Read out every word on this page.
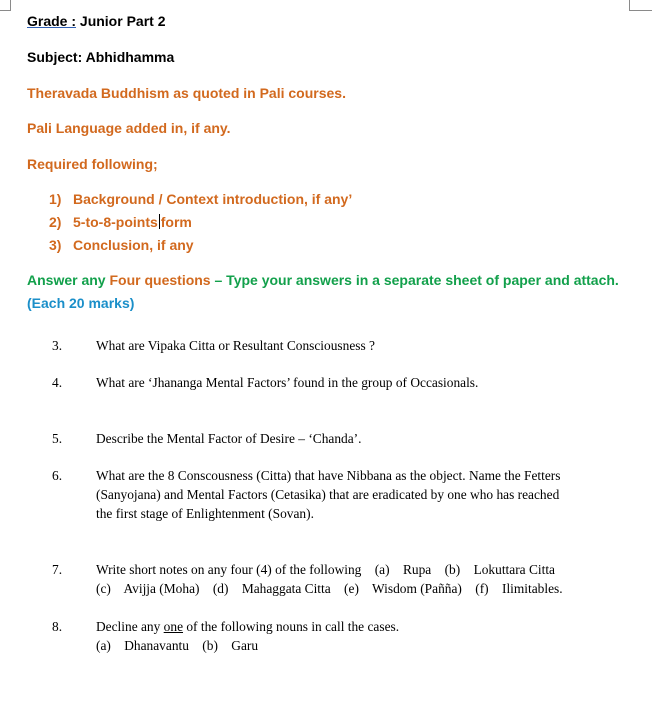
Grade : Junior Part 2
Subject: Abhidhamma
Theravada Buddhism as quoted in Pali courses.
Pali Language added in, if any.
Required following;
1) Background / Context introduction, if any’
2) 5-to-8-points form
3) Conclusion, if any
Answer any Four questions – Type your answers in a separate sheet of paper and attach.
(Each 20 marks)
3.	What are Vipaka Citta or Resultant Consciousness ?
4.	What are ‘Jhananga Mental Factors’ found in the group of Occasionals.
5.	Describe the Mental Factor of Desire – ‘Chanda’.
6.	What are the 8 Conscousness (Citta) that have Nibbana as the object. Name the Fetters
(Sanyojana) and Mental Factors (Cetasika) that are eradicated by one who has reached
the first stage of Enlightenment (Sovan).
7.	Write short notes on any four (4) of the following (a) Rupa (b) Lokuttara Citta
(c) Avijja (Moha) (d) Mahaggata Citta (e) Wisdom (Pañña) (f) Ilimitables.
8.	Decline any one of the following nouns in call the cases.
(a) Dhanavantu (b) Garu
